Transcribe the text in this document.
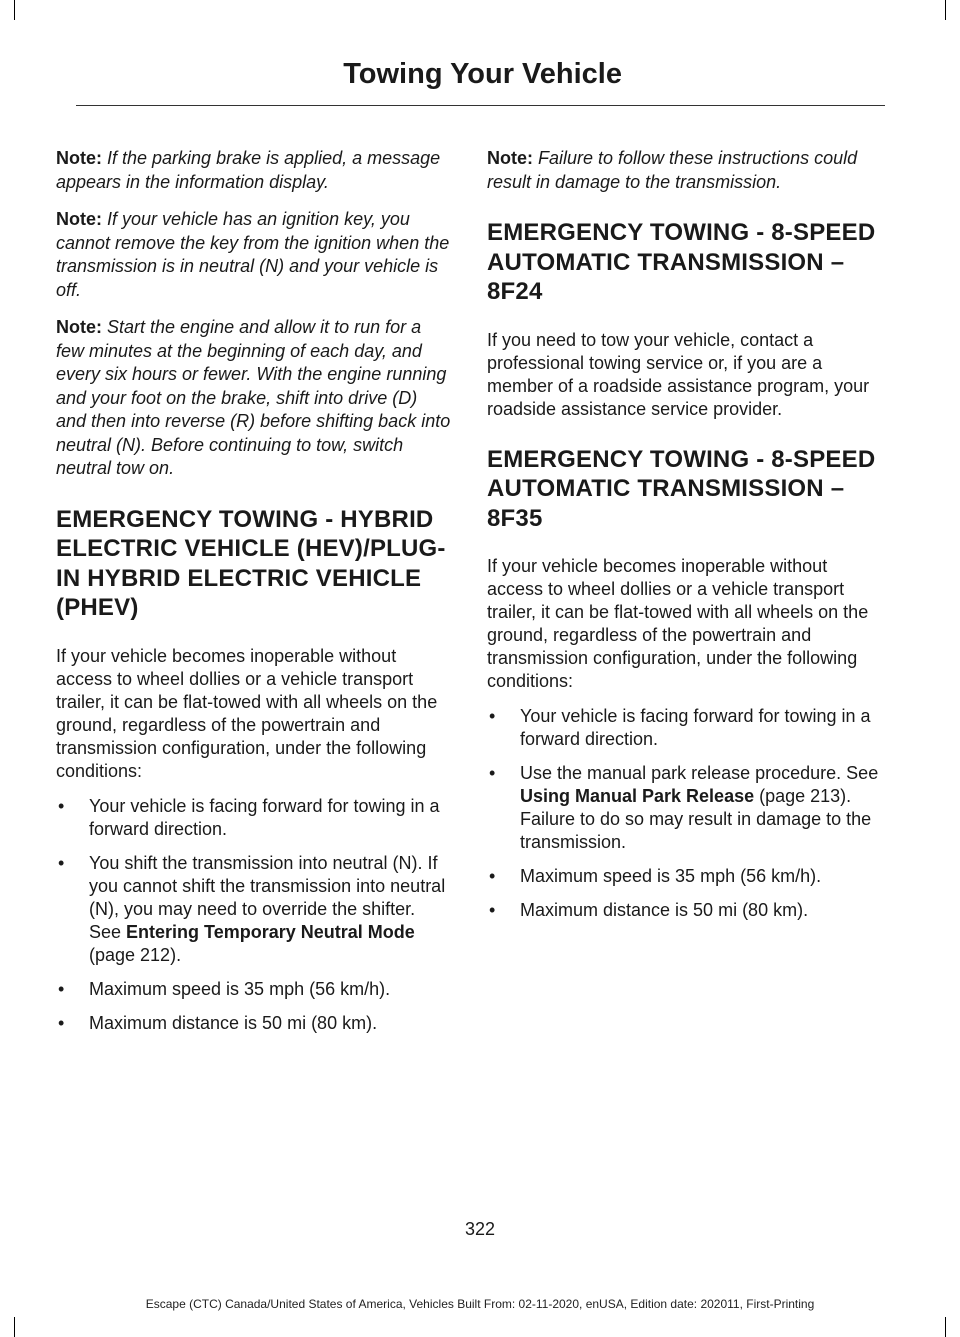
Towing Your Vehicle

Note: If the parking brake is applied, a message appears in the information display.

Note: If your vehicle has an ignition key, you cannot remove the key from the ignition when the transmission is in neutral (N) and your vehicle is off.

Note: Start the engine and allow it to run for a few minutes at the beginning of each day, and every six hours or fewer. With the engine running and your foot on the brake, shift into drive (D) and then into reverse (R) before shifting back into neutral (N). Before continuing to tow, switch neutral tow on.

EMERGENCY TOWING - HYBRID ELECTRIC VEHICLE (HEV)/PLUG-IN HYBRID ELECTRIC VEHICLE (PHEV)

If your vehicle becomes inoperable without access to wheel dollies or a vehicle transport trailer, it can be flat-towed with all wheels on the ground, regardless of the powertrain and transmission configuration, under the following conditions:

• Your vehicle is facing forward for towing in a forward direction.
• You shift the transmission into neutral (N). If you cannot shift the transmission into neutral (N), you may need to override the shifter. See Entering Temporary Neutral Mode (page 212).
• Maximum speed is 35 mph (56 km/h).
• Maximum distance is 50 mi (80 km).

Note: Failure to follow these instructions could result in damage to the transmission.

EMERGENCY TOWING - 8-SPEED AUTOMATIC TRANSMISSION – 8F24

If you need to tow your vehicle, contact a professional towing service or, if you are a member of a roadside assistance program, your roadside assistance service provider.

EMERGENCY TOWING - 8-SPEED AUTOMATIC TRANSMISSION – 8F35

If your vehicle becomes inoperable without access to wheel dollies or a vehicle transport trailer, it can be flat-towed with all wheels on the ground, regardless of the powertrain and transmission configuration, under the following conditions:

• Your vehicle is facing forward for towing in a forward direction.
• Use the manual park release procedure. See Using Manual Park Release (page 213). Failure to do so may result in damage to the transmission.
• Maximum speed is 35 mph (56 km/h).
• Maximum distance is 50 mi (80 km).
322
Escape (CTC) Canada/United States of America, Vehicles Built From: 02-11-2020, enUSA, Edition date: 202011, First-Printing
